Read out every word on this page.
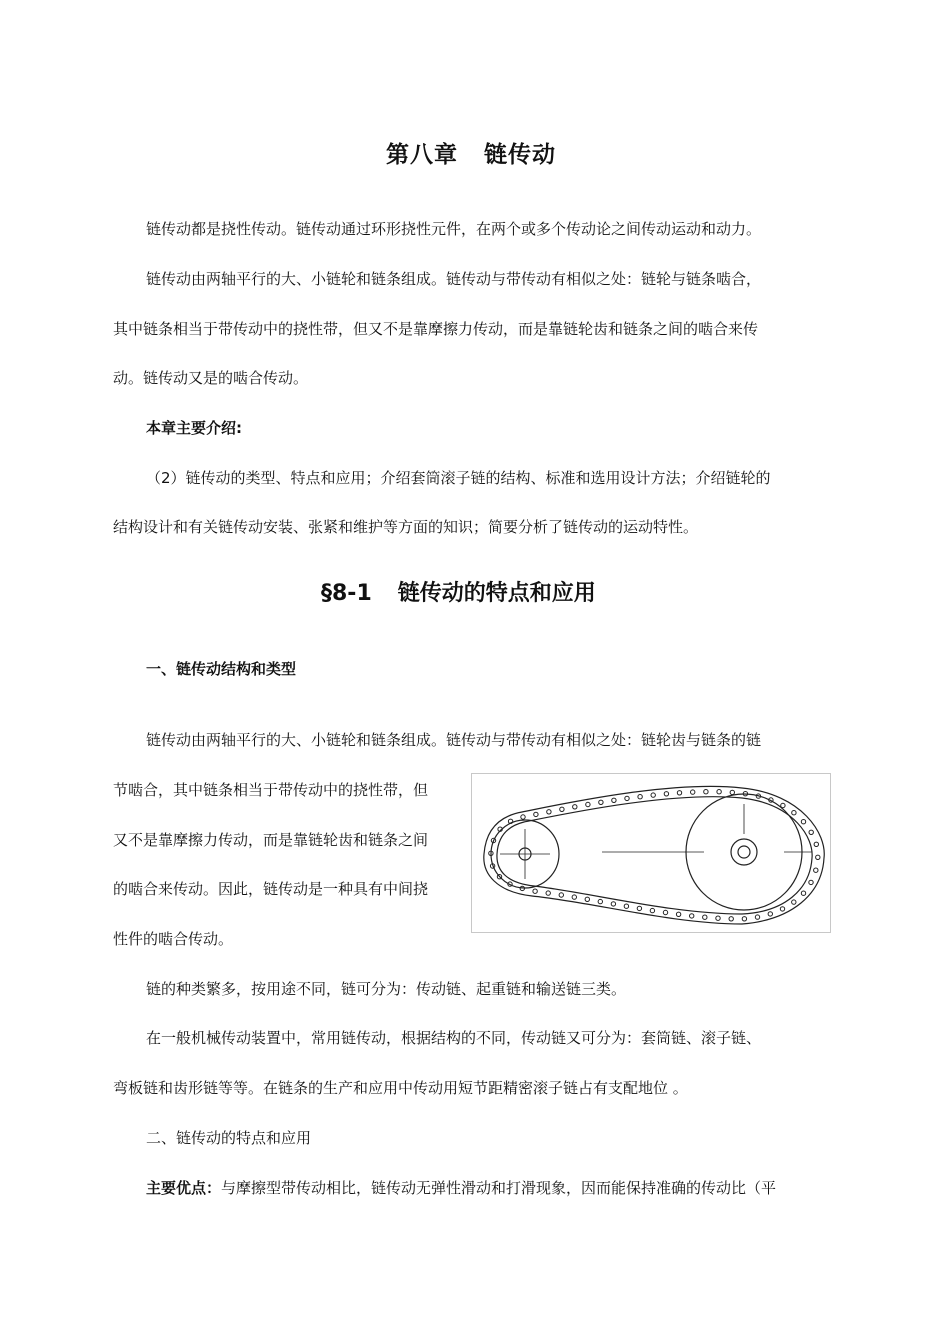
第八章 链传动
链传动都是挠性传动。链传动通过环形挠性元件，在两个或多个传动论之间传动运动和动力。
链传动由两轴平行的大、小链轮和链条组成。链传动与带传动有相似之处：链轮与链条啮合，
其中链条相当于带传动中的挠性带，但又不是靠摩擦力传动，而是靠链轮齿和链条之间的啮合来传
动。链传动又是的啮合传动。
本章主要介绍:
（2）链传动的类型、特点和应用；介绍套筒滚子链的结构、标准和选用设计方法；介绍链轮的
结构设计和有关链传动安装、张紧和维护等方面的知识；简要分析了链传动的运动特性。
§8-1 链传动的特点和应用
一、链传动结构和类型
链传动由两轴平行的大、小链轮和链条组成。链传动与带传动有相似之处：链轮齿与链条的链
节啮合，其中链条相当于带传动中的挠性带，但
又不是靠摩擦力传动，而是靠链轮齿和链条之间
的啮合来传动。因此，链传动是一种具有中间挠
性件的啮合传动。
链的种类繁多，按用途不同，链可分为：传动链、起重链和输送链三类。
在一般机械传动装置中，常用链传动，根据结构的不同，传动链又可分为：套筒链、滚子链、
弯板链和齿形链等等。在链条的生产和应用中传动用短节距精密滚子链占有支配地位 。
二、链传动的特点和应用
主要优点：与摩擦型带传动相比，链传动无弹性滑动和打滑现象，因而能保持准确的传动比（平
